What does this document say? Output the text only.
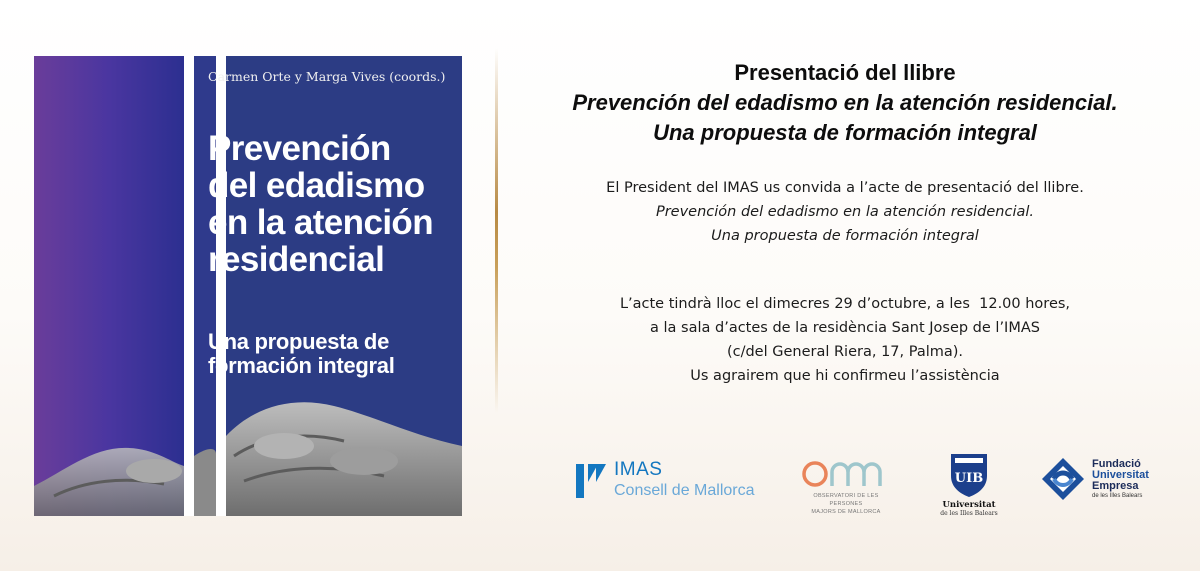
Carmen Orte y Marga Vives (coords.)
Prevención
del edadismo
en la atención
residencial
Una propuesta de
formación integral
Presentació del llibre
Prevención del edadismo en la atención residencial.
Una propuesta de formación integral
El President del IMAS us convida a l’acte de presentació del llibre.
Prevención del edadismo en la atención residencial.
Una propuesta de formación integral
L’acte tindrà lloc el dimecres 29 d’octubre, a les  12.00 hores,
a la sala d’actes de la residència Sant Josep de l’IMAS
(c/del General Riera, 17, Palma).
Us agrairem que hi confirmeu l’assistència
IMAS
Consell de Mallorca	OBSERVATORI DE LES PERSONES
MAJORS DE MALLORCA
UIB
Universitat
de les Illes Balears
Fundació
Universitat
Empresa
de les Illes Balears
